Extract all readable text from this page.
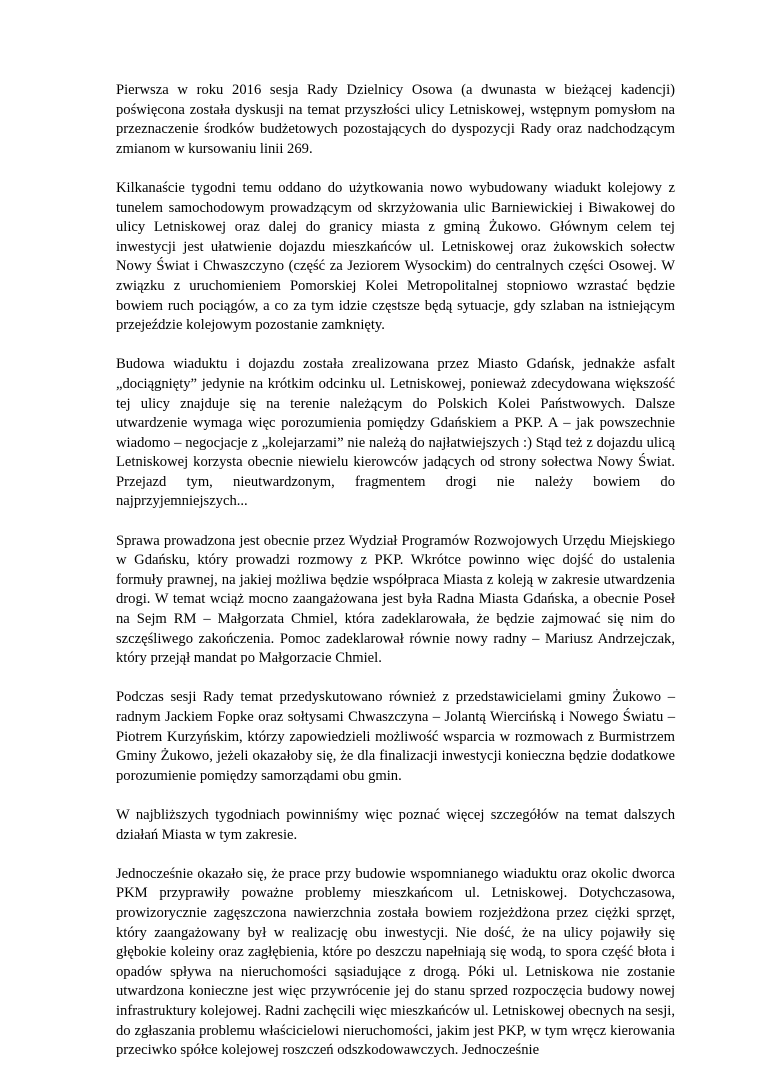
Pierwsza w roku 2016 sesja Rady Dzielnicy Osowa (a dwunasta w bieżącej kadencji) poświęcona została dyskusji na temat przyszłości ulicy Letniskowej, wstępnym pomysłom na przeznaczenie środków budżetowych pozostających do dyspozycji Rady oraz nadchodzącym zmianom w kursowaniu linii 269.

Kilkanaście tygodni temu oddano do użytkowania nowo wybudowany wiadukt kolejowy z tunelem samochodowym prowadzącym od skrzyżowania ulic Barniewickiej i Biwakowej do ulicy Letniskowej oraz dalej do granicy miasta z gminą Żukowo. Głównym celem tej inwestycji jest ułatwienie dojazdu mieszkańców ul. Letniskowej oraz żukowskich sołectw Nowy Świat i Chwaszczyno (część za Jeziorem Wysockim) do centralnych części Osowej. W związku z uruchomieniem Pomorskiej Kolei Metropolitalnej stopniowo wzrastać będzie bowiem ruch pociągów, a co za tym idzie częstsze będą sytuacje, gdy szlaban na istniejącym przejeździe kolejowym pozostanie zamknięty.

Budowa wiaduktu i dojazdu została zrealizowana przez Miasto Gdańsk, jednakże asfalt „dociągnięty” jedynie na krótkim odcinku ul. Letniskowej, ponieważ zdecydowana większość tej ulicy znajduje się na terenie należącym do Polskich Kolei Państwowych. Dalsze utwardzenie wymaga więc porozumienia pomiędzy Gdańskiem a PKP. A – jak powszechnie wiadomo – negocjacje z „kolejarzami” nie należą do najłatwiejszych :) Stąd też z dojazdu ulicą Letniskowej korzysta obecnie niewielu kierowców jadących od strony sołectwa Nowy Świat. Przejazd tym, nieutwardzonym, fragmentem drogi nie należy bowiem do najprzyjemniejszych...

Sprawa prowadzona jest obecnie przez Wydział Programów Rozwojowych Urzędu Miejskiego w Gdańsku, który prowadzi rozmowy z PKP. Wkrótce powinno więc dojść do ustalenia formuły prawnej, na jakiej możliwa będzie współpraca Miasta z koleją w zakresie utwardzenia drogi. W temat wciąż mocno zaangażowana jest była Radna Miasta Gdańska, a obecnie Poseł na Sejm RM – Małgorzata Chmiel, która zadeklarowała, że będzie zajmować się nim do szczęśliwego zakończenia. Pomoc zadeklarował równie nowy radny – Mariusz Andrzejczak, który przejął mandat po Małgorzacie Chmiel.

Podczas sesji Rady temat przedyskutowano również z przedstawicielami gminy Żukowo – radnym Jackiem Fopke oraz sołtysami Chwaszczyna – Jolantą Wiercińską i Nowego Światu – Piotrem Kurzyńskim, którzy zapowiedzieli możliwość wsparcia w rozmowach z Burmistrzem Gminy Żukowo, jeżeli okazałoby się, że dla finalizacji inwestycji konieczna będzie dodatkowe porozumienie pomiędzy samorządami obu gmin.

W najbliższych tygodniach powinniśmy więc poznać więcej szczegółów na temat dalszych działań Miasta w tym zakresie.

Jednocześnie okazało się, że prace przy budowie wspomnianego wiaduktu oraz okolic dworca PKM przyprawiły poważne problemy mieszkańcom ul. Letniskowej. Dotychczasowa, prowizorycznie zagęszczona nawierzchnia została bowiem rozjeżdżona przez ciężki sprzęt, który zaangażowany był w realizację obu inwestycji. Nie dość, że na ulicy pojawiły się głębokie koleiny oraz zagłębienia, które po deszczu napełniają się wodą, to spora część błota i opadów spływa na nieruchomości sąsiadujące z drogą. Póki ul. Letniskowa nie zostanie utwardzona konieczne jest więc przywrócenie jej do stanu sprzed rozpoczęcia budowy nowej infrastruktury kolejowej. Radni zachęcili więc mieszkańców ul. Letniskowej obecnych na sesji, do zgłaszania problemu właścicielowi nieruchomości, jakim jest PKP, w tym wręcz kierowania przeciwko spółce kolejowej roszczeń odszkodowawczych. Jednocześnie
